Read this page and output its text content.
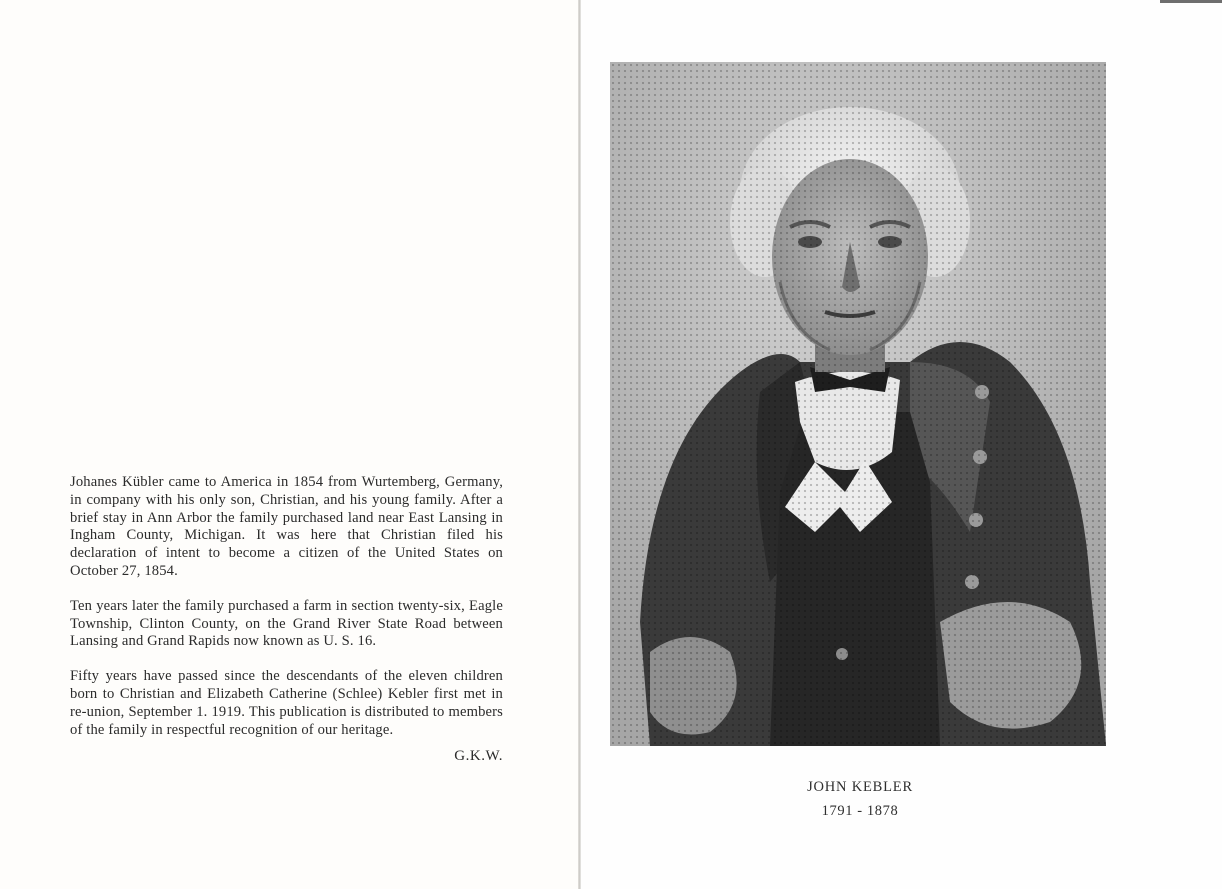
Johanes Kübler came to America in 1854 from Wurtemberg, Germany, in company with his only son, Christian, and his young family. After a brief stay in Ann Arbor the family purchased land near East Lansing in Ingham County, Michigan. It was here that Christian filed his declaration of intent to become a citizen of the United States on October 27, 1854.

Ten years later the family purchased a farm in section twenty-six, Eagle Township, Clinton County, on the Grand River State Road between Lansing and Grand Rapids now known as U. S. 16.

Fifty years have passed since the descendants of the eleven children born to Christian and Elizabeth Catherine (Schlee) Kebler first met in re-union, September 1. 1919. This publication is distributed to members of the family in respectful recognition of our heritage.

G.K.W.
JOHN KEBLER
1791 - 1878
